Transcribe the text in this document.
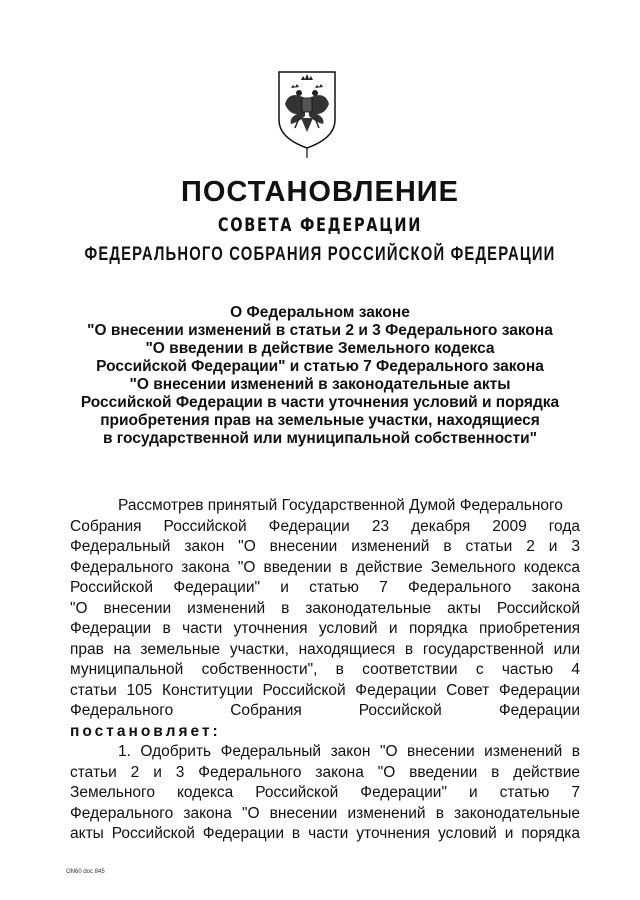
ПОСТАНОВЛЕНИЕ
СОВЕТА ФЕДЕРАЦИИ
ФЕДЕРАЛЬНОГО СОБРАНИЯ РОССИЙСКОЙ ФЕДЕРАЦИИ
О Федеральном законе
"О внесении изменений в статьи 2 и 3 Федерального закона
"О введении в действие Земельного кодекса
Российской Федерации" и статью 7 Федерального закона
"О внесении изменений в законодательные акты
Российской Федерации в части уточнения условий и порядка
приобретения прав на земельные участки, находящиеся
в государственной или муниципальной собственности"
Рассмотрев принятый Государственной Думой Федерального
Собрания Российской Федерации 23 декабря 2009 года
Федеральный закон "О внесении изменений в статьи 2 и 3
Федерального закона "О введении в действие Земельного кодекса
Российской Федерации" и статью 7 Федерального закона
"О внесении изменений в законодательные акты Российской
Федерации в части уточнения условий и порядка приобретения
прав на земельные участки, находящиеся в государственной или
муниципальной собственности", в соответствии с частью 4
статьи 105 Конституции Российской Федерации Совет Федерации
Федерального Собрания Российской Федерации
постановляет:
1. Одобрить Федеральный закон "О внесении изменений в
статьи 2 и 3 Федерального закона "О введении в действие
Земельного кодекса Российской Федерации" и статью 7
Федерального закона "О внесении изменений в законодательные
акты Российской Федерации в части уточнения условий и порядка
ON60 doc 845
